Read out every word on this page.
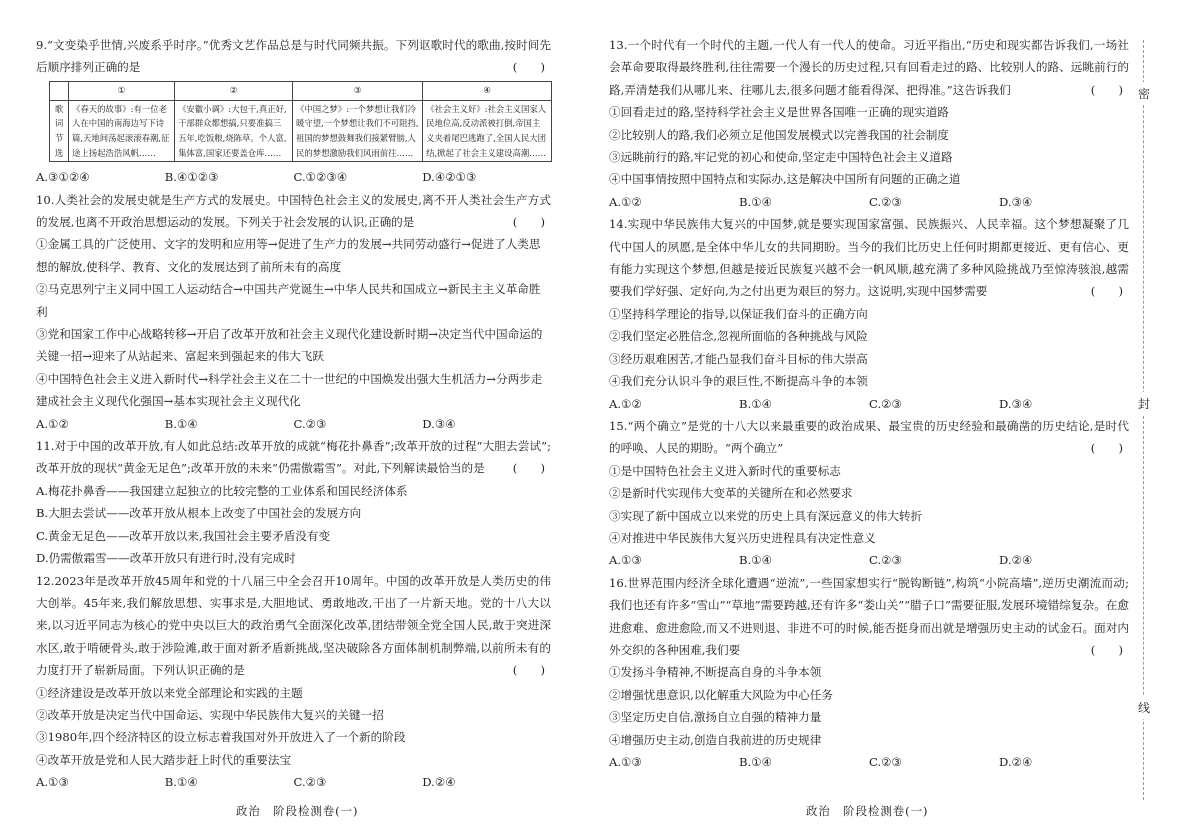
9.“文变染乎世情,兴废系乎时序。”优秀文艺作品总是与时代同频共振。下列讴歌时代的歌曲,按时间先后顺序排列正确的是	(　　)

	①	②	③	④
歌词节选	《春天的故事》:有一位老人在中国的南海边写下诗篇,天地间荡起滚滚春潮,征途上扬起浩浩风帆……	《安徽小调》:大包干,真正好,干部群众都想搞,只要准搞三五年,吃饭粮,烧陈草。个人富,集体富,国家还要盖仓库……	《中国之梦》:一个梦想让我们冷暖守望,一个梦想让我们不可阻挡,祖国的梦想鼓舞我们接紧臂膀,人民的梦想激励我们风雨前往……	《社会主义好》:社会主义国家人民地位高,反动派被打倒,帝国主义夹着尾巴逃跑了,全国人民大团结,掀起了社会主义建设高潮……
A.③①②④	B.④①②③	C.①②③④	D.④②①③

10.人类社会的发展史就是生产方式的发展史。中国特色社会主义的发展史,离不开人类社会生产方式的发展,也离不开政治思想运动的发展。下列关于社会发展的认识,正确的是	(　　)

①金属工具的广泛使用、文字的发明和应用等→促进了生产力的发展→共同劳动盛行→促进了人类思想的解放,使科学、教育、文化的发展达到了前所未有的高度

②马克思列宁主义同中国工人运动结合→中国共产党诞生→中华人民共和国成立→新民主主义革命胜利

③党和国家工作中心战略转移→开启了改革开放和社会主义现代化建设新时期→决定当代中国命运的关键一招→迎来了从站起来、富起来到强起来的伟大飞跃

④中国特色社会主义进入新时代→科学社会主义在二十一世纪的中国焕发出强大生机活力→分两步走建成社会主义现代化强国→基本实现社会主义现代化

A.①②	B.①④	C.②③	D.③④

11.对于中国的改革开放,有人如此总结:改革开放的成就“梅花扑鼻香”;改革开放的过程“大胆去尝试”;改革开放的现状“黄金无足色”;改革开放的未来“仍需傲霜雪”。对此,下列解读最恰当的是 (　　)

A.梅花扑鼻香——我国建立起独立的比较完整的工业体系和国民经济体系

B.大胆去尝试——改革开放从根本上改变了中国社会的发展方向

C.黄金无足色——改革开放以来,我国社会主要矛盾没有变

D.仍需傲霜雪——改革开放只有进行时,没有完成时

12.2023年是改革开放45周年和党的十八届三中全会召开10周年。中国的改革开放是人类历史的伟大创举。45年来,我们解放思想、实事求是,大胆地试、勇敢地改,干出了一片新天地。党的十八大以来,以习近平同志为核心的党中央以巨大的政治勇气全面深化改革,团结带领全党全国人民,敢于突进深水区,敢于啃硬骨头,敢于涉险滩,敢于面对新矛盾新挑战,坚决破除各方面体制机制弊端,以前所未有的力度打开了崭新局面。下列认识正确的是	(　　)

①经济建设是改革开放以来党全部理论和实践的主题

②改革开放是决定当代中国命运、实现中华民族伟大复兴的关键一招

③1980年,四个经济特区的设立标志着我国对外开放进入了一个新的阶段

④改革开放是党和人民大踏步赶上时代的重要法宝

A.①③	B.①④	C.②③	D.②④
政治　阶段检测卷(一)

13.一个时代有一个时代的主题,一代人有一代人的使命。习近平指出,“历史和现实都告诉我们,一场社会革命要取得最终胜利,往往需要一个漫长的历史过程,只有回看走过的路、比较别人的路、远眺前行的路,弄清楚我们从哪儿来、往哪儿去,很多问题才能看得深、把得准。”这告诉我们	(　　)

①回看走过的路,坚持科学社会主义是世界各国唯一正确的现实道路

②比较别人的路,我们必须立足他国发展模式以完善我国的社会制度

③远眺前行的路,牢记党的初心和使命,坚定走中国特色社会主义道路

④中国事情按照中国特点和实际办,这是解决中国所有问题的正确之道

A.①②	B.①④	C.②③	D.③④

14.实现中华民族伟大复兴的中国梦,就是要实现国家富强、民族振兴、人民幸福。这个梦想凝聚了几代中国人的夙愿,是全体中华儿女的共同期盼。当今的我们比历史上任何时期都更接近、更有信心、更有能力实现这个梦想,但越是接近民族复兴越不会一帆风顺,越充满了多种风险挑战乃至惊涛骇浪,越需要我们学好强、定好向,为之付出更为艰巨的努力。这说明,实现中国梦需要	(　　)

①坚持科学理论的指导,以保证我们奋斗的正确方向

②我们坚定必胜信念,忽视所面临的各种挑战与风险

③经历艰难困苦,才能凸显我们奋斗目标的伟大崇高

④我们充分认识斗争的艰巨性,不断提高斗争的本领

A.①②	B.①④	C.②③	D.③④

15.“两个确立”是党的十八大以来最重要的政治成果、最宝贵的历史经验和最确凿的历史结论,是时代的呼唤、人民的期盼。“两个确立”	(　　)

①是中国特色社会主义进入新时代的重要标志

②是新时代实现伟大变革的关键所在和必然要求

③实现了新中国成立以来党的历史上具有深远意义的伟大转折

④对推进中华民族伟大复兴历史进程具有决定性意义

A.①③	B.①④	C.②③	D.②④

16.世界范围内经济全球化遭遇“逆流”,一些国家想实行“脱钩断链”,构筑“小院高墙”,逆历史潮流而动;我们也还有许多“雪山”“草地”需要跨越,还有许多“娄山关”“腊子口”需要征服,发展环境错综复杂。在愈进愈难、愈进愈险,而又不进则退、非进不可的时候,能否挺身而出就是增强历史主动的试金石。面对内外交织的各种困难,我们要	(　　)

①发扬斗争精神,不断提高自身的斗争本领

②增强忧患意识,以化解重大风险为中心任务

③坚定历史自信,激扬自立自强的精神力量

④增强历史主动,创造自我前进的历史规律

A.①③	B.①④	C.②③	D.②④
政治　阶段检测卷(一)
密
封
线
